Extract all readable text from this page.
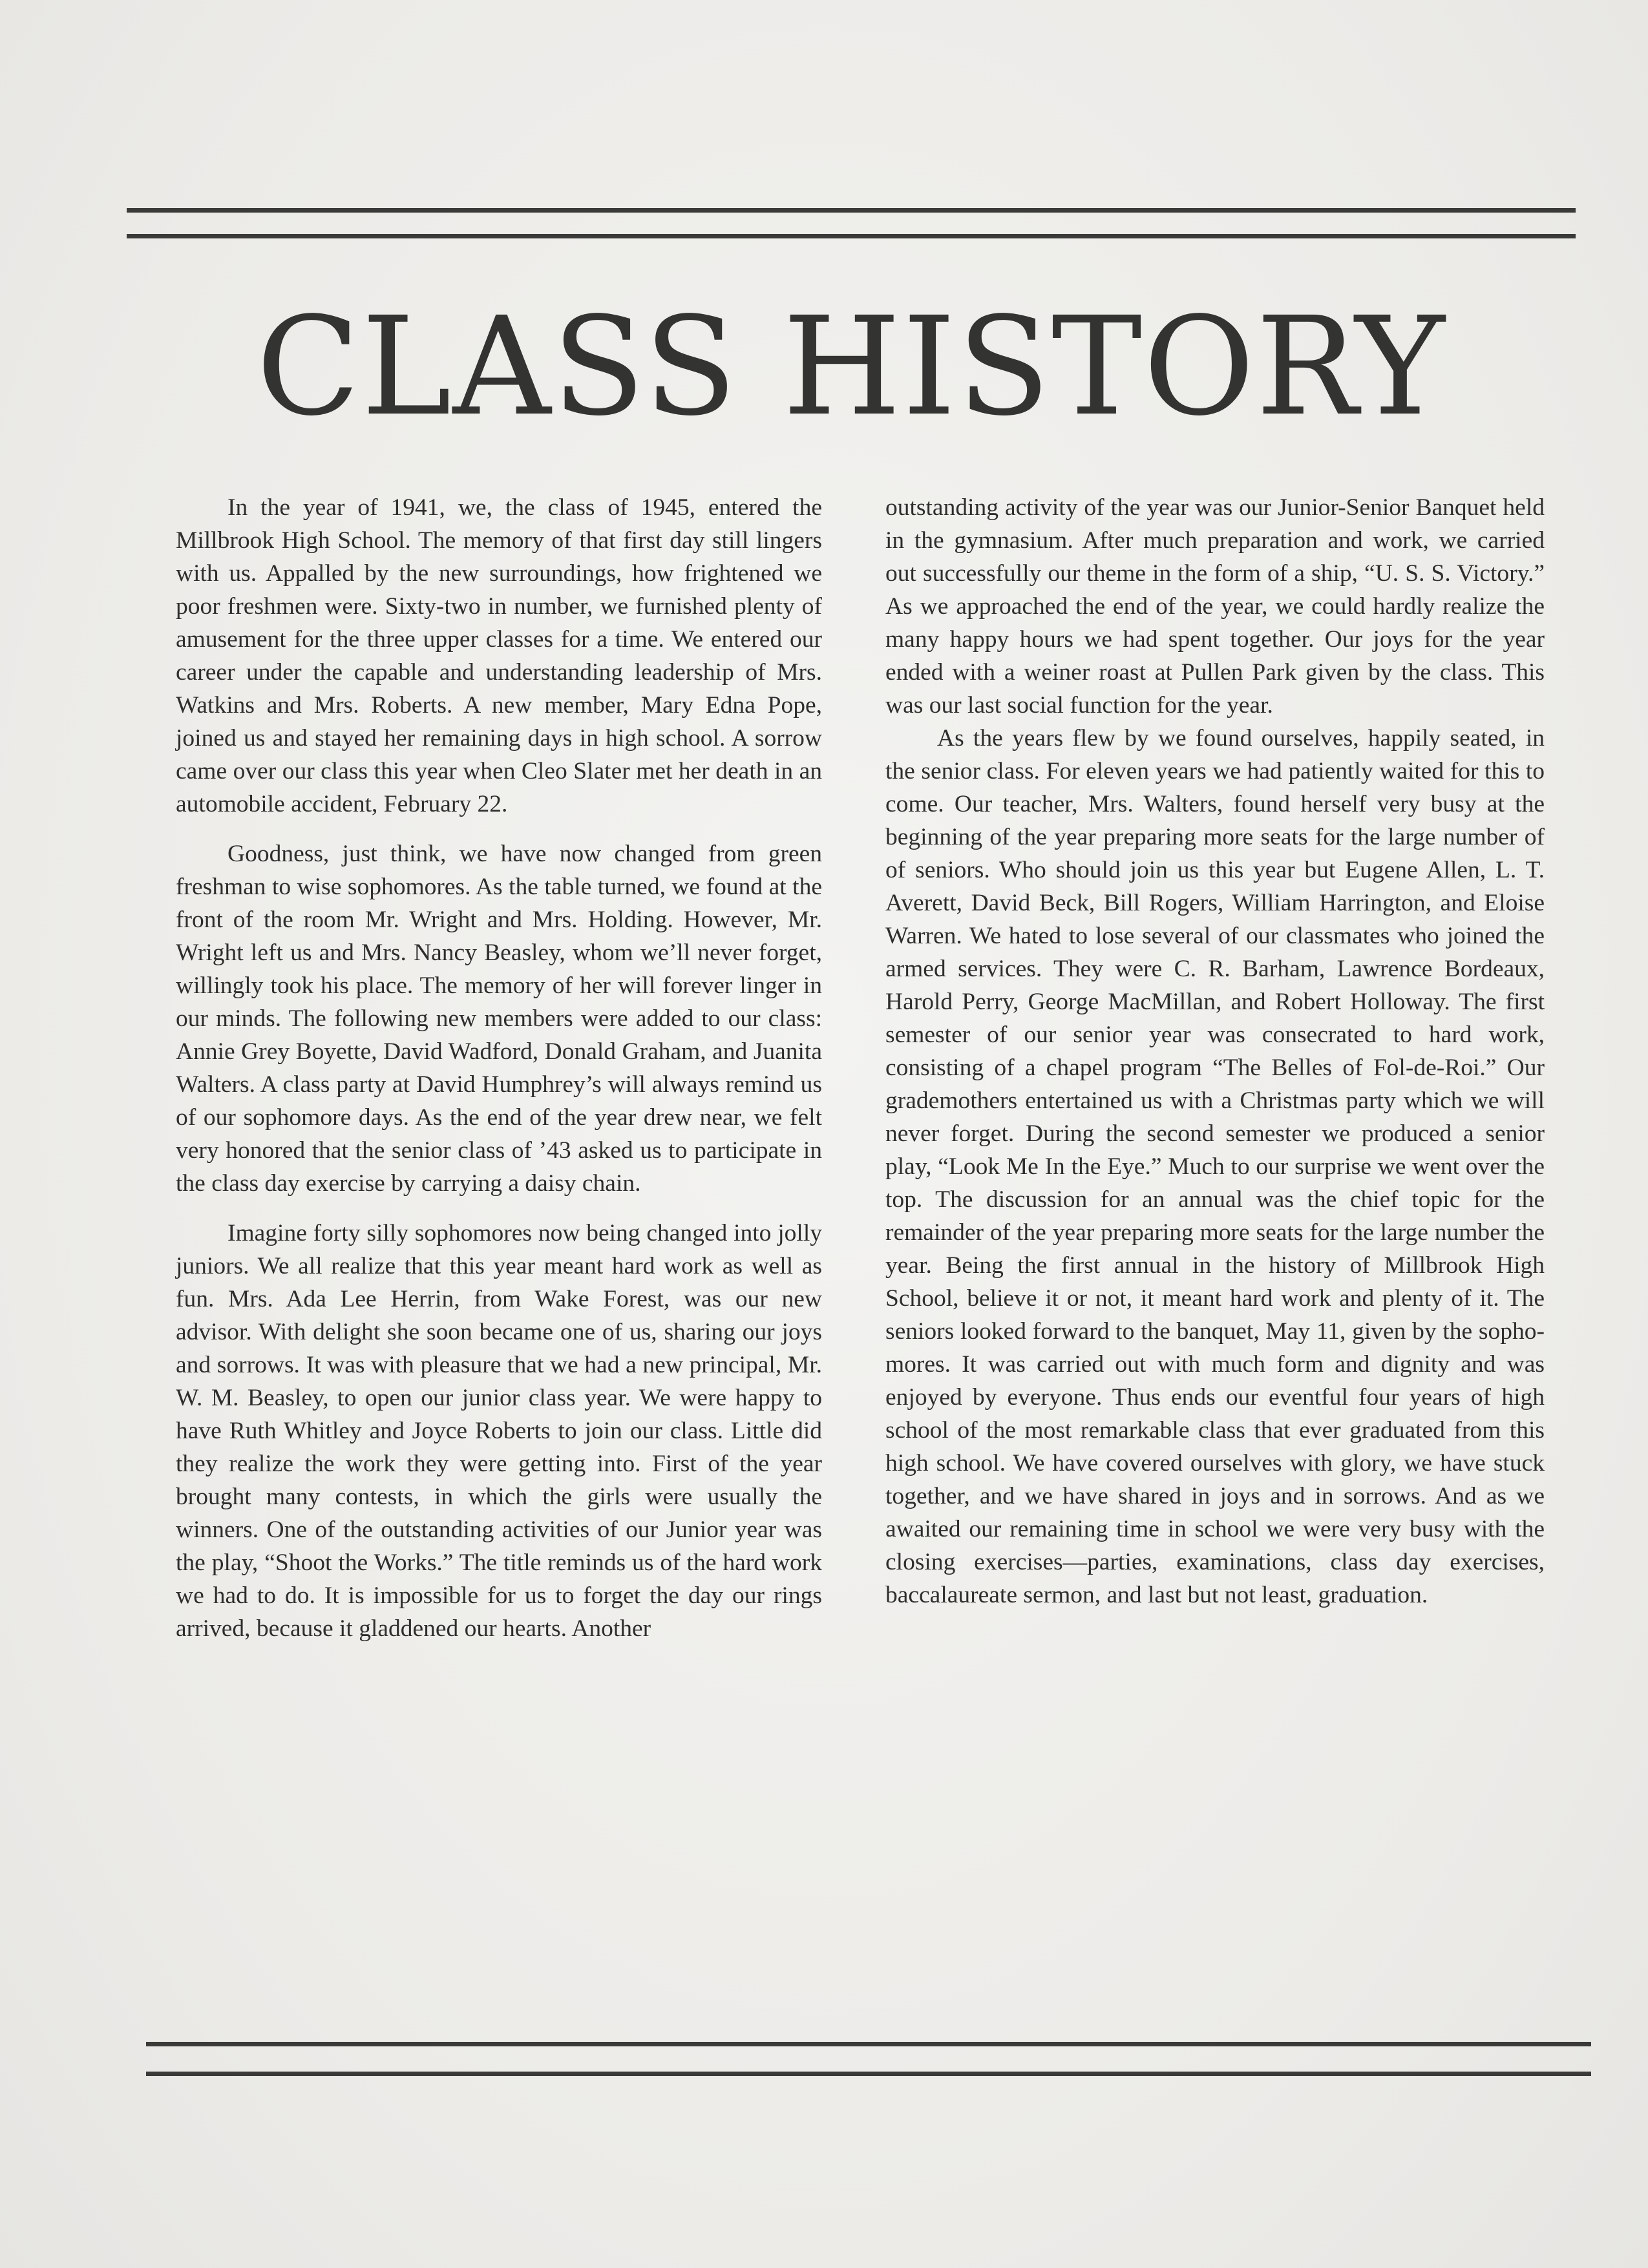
CLASS HISTORY

In the year of 1941, we, the class of 1945, entered the Millbrook High School. The memory of that first day still lingers with us. Appalled by the new surroundings, how frightened we poor freshmen were. Sixty-two in number, we furnished plenty of amusement for the three upper classes for a time. We entered our career under the capable and understanding leadership of Mrs. Watkins and Mrs. Roberts. A new member, Mary Edna Pope, joined us and stayed her remaining days in high school. A sorrow came over our class this year when Cleo Slater met her death in an automobile accident, February 22.

Goodness, just think, we have now changed from green freshman to wise sophomores. As the table turned, we found at the front of the room Mr. Wright and Mrs. Holding. However, Mr. Wright left us and Mrs. Nancy Beasley, whom we’ll never forget, willingly took his place. The memory of her will forever linger in our minds. The following new members were added to our class: Annie Grey Boyette, David Wadford, Donald Graham, and Juanita Walters. A class party at David Humphrey’s will always remind us of our sophomore days. As the end of the year drew near, we felt very honored that the senior class of ’43 asked us to participate in the class day exercise by carrying a daisy chain.

Imagine forty silly sophomores now being changed into jolly juniors. We all realize that this year meant hard work as well as fun. Mrs. Ada Lee Herrin, from Wake Forest, was our new advisor. With delight she soon became one of us, sharing our joys and sorrows. It was with pleasure that we had a new principal, Mr. W. M. Beasley, to open our junior class year. We were happy to have Ruth Whitley and Joyce Roberts to join our class. Little did they realize the work they were getting into. First of the year brought many contests, in which the girls were usually the winners. One of the outstanding activities of our Junior year was the play, “Shoot the Works.” The title reminds us of the hard work we had to do. It is impossible for us to forget the day our rings arrived, because it gladdened our hearts. Another

outstanding activity of the year was our Junior-Senior Banquet held in the gymnasium. After much preparation and work, we carried out successfully our theme in the form of a ship, “U. S. S. Victory.” As we approached the end of the year, we could hardly realize the many happy hours we had spent together. Our joys for the year ended with a weiner roast at Pullen Park given by the class. This was our last social function for the year.

As the years flew by we found ourselves, happily seated, in the senior class. For eleven years we had patiently waited for this to come. Our teacher, Mrs. Walters, found herself very busy at the beginning of the year preparing more seats for the large number of of seniors. Who should join us this year but Eugene Allen, L. T. Averett, David Beck, Bill Rogers, William Harrington, and Eloise Warren. We hated to lose several of our classmates who joined the armed services. They were C. R. Barham, Lawrence Bordeaux, Harold Perry, George MacMillan, and Robert Holloway. The first semester of our senior year was consecrated to hard work, consisting of a chapel program “The Belles of Fol-de-Roi.” Our grademothers entertained us with a Christmas party which we will never forget. During the second semester we produced a senior play, “Look Me In the Eye.” Much to our surprise we went over the top. The discussion for an annual was the chief topic for the remainder of the year preparing more seats for the large number the year. Being the first annual in the history of Millbrook High School, believe it or not, it meant hard work and plenty of it. The seniors looked forward to the banquet, May 11, given by the sophomores. It was carried out with much form and dignity and was enjoyed by everyone. Thus ends our eventful four years of high school of the most remarkable class that ever graduated from this high school. We have covered ourselves with glory, we have stuck together, and we have shared in joys and in sorrows. And as we awaited our remaining time in school we were very busy with the closing exercises—parties, examinations, class day exercises, baccalaureate sermon, and last but not least, graduation.
